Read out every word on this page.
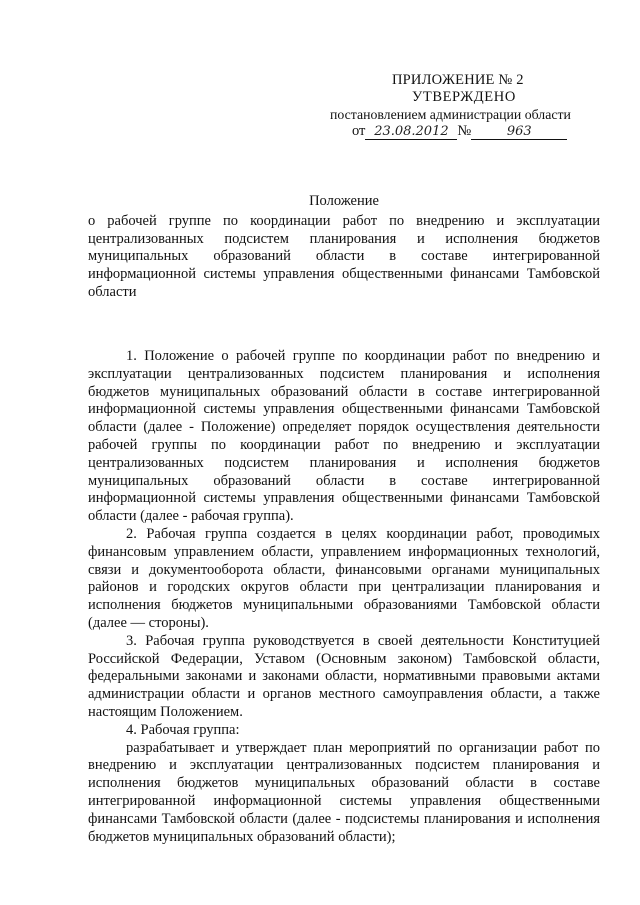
ПРИЛОЖЕНИЕ № 2
УТВЕРЖДЕНО
постановлением администрации области
от 23.08.2012 №	963
Положение
о рабочей группе по координации работ по внедрению и эксплуатации централизованных подсистем планирования и исполнения бюджетов муниципальных образований области в составе интегрированной информационной системы управления общественными финансами Тамбовской области

1. Положение о рабочей группе по координации работ по внедрению и эксплуатации централизованных подсистем планирования и исполнения бюджетов муниципальных образований области в составе интегрированной информационной системы управления общественными финансами Тамбовской области (далее - Положение) определяет порядок осуществления деятельности рабочей группы по координации работ по внедрению и эксплуатации централизованных подсистем планирования и исполнения бюджетов муниципальных образований области в составе интегрированной информационной системы управления общественными финансами Тамбовской области (далее - рабочая группа).

2. Рабочая группа создается в целях координации работ, проводимых финансовым управлением области, управлением информационных технологий, связи и документооборота области, финансовыми органами муниципальных районов и городских округов области при централизации планирования и исполнения бюджетов муниципальными образованиями Тамбовской области (далее — стороны).

3. Рабочая группа руководствуется в своей деятельности Конституцией Российской Федерации, Уставом (Основным законом) Тамбовской области, федеральными законами и законами области, нормативными правовыми актами администрации области и органов местного самоуправления области, а также настоящим Положением.

4. Рабочая группа:

разрабатывает и утверждает план мероприятий по организации работ по внедрению и эксплуатации централизованных подсистем планирования и исполнения бюджетов муниципальных образований области в составе интегрированной информационной системы управления общественными финансами Тамбовской области (далее - подсистемы планирования и исполнения бюджетов муниципальных образований области);
